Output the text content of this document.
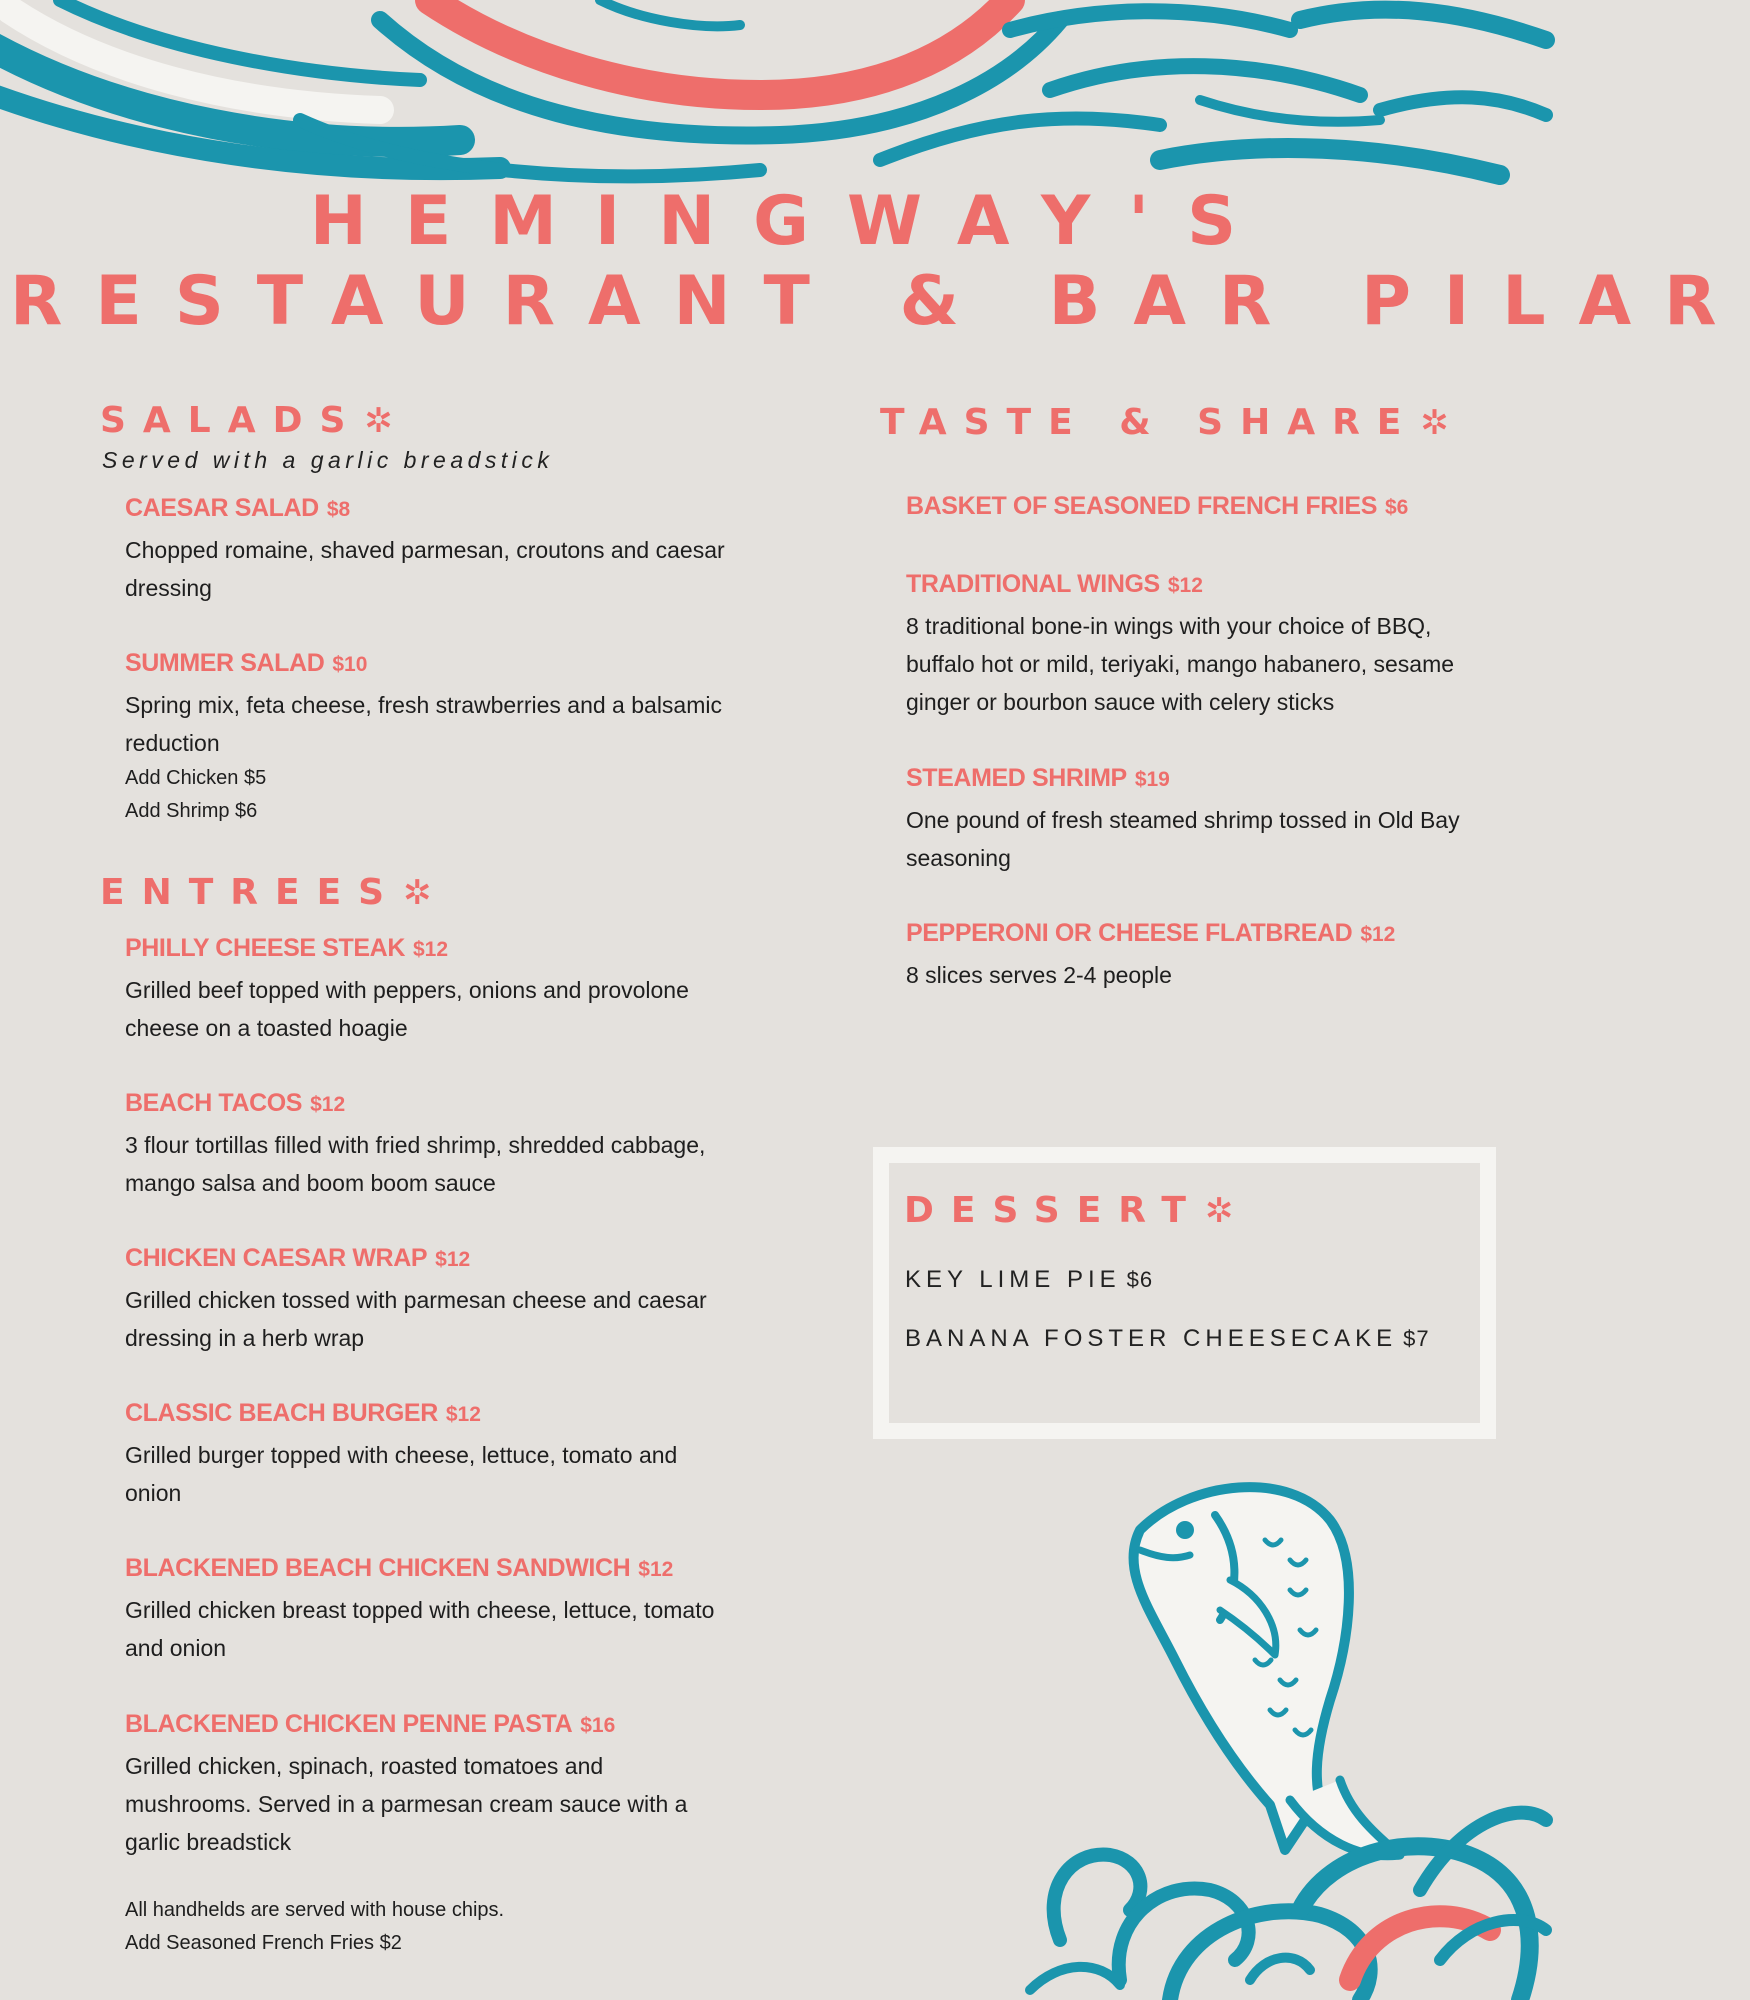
HEMINGWAY'S
RESTAURANT & BAR PILAR
SALADS✲
Served with a garlic breadstick
CAESAR SALAD $8
Chopped romaine, shaved parmesan, croutons and caesar dressing
SUMMER SALAD $10
Spring mix, feta cheese, fresh strawberries and a balsamic reduction
Add Chicken $5
Add Shrimp $6
ENTREES✲
PHILLY CHEESE STEAK $12
Grilled beef topped with peppers, onions and provolone cheese on a toasted hoagie
BEACH TACOS $12
3 flour tortillas filled with fried shrimp, shredded cabbage, mango salsa and boom boom sauce
CHICKEN CAESAR WRAP $12
Grilled chicken tossed with parmesan cheese and caesar dressing in a herb wrap
CLASSIC BEACH BURGER $12
Grilled burger topped with cheese, lettuce, tomato and onion
BLACKENED BEACH CHICKEN SANDWICH $12
Grilled chicken breast topped with cheese, lettuce, tomato and onion
BLACKENED CHICKEN PENNE PASTA $16
Grilled chicken, spinach, roasted tomatoes and mushrooms. Served in a parmesan cream sauce with a garlic breadstick
All handhelds are served with house chips.
Add Seasoned French Fries $2
TASTE & SHARE✲
BASKET OF SEASONED FRENCH FRIES $6
TRADITIONAL WINGS $12
8 traditional bone-in wings with your choice of BBQ, buffalo hot or mild, teriyaki, mango habanero, sesame ginger or bourbon sauce with celery sticks
STEAMED SHRIMP $19
One pound of fresh steamed shrimp tossed in Old Bay seasoning
PEPPERONI OR CHEESE FLATBREAD $12
8 slices serves 2-4 people
DESSERT✲
KEY LIME PIE $6
BANANA FOSTER CHEESECAKE $7
